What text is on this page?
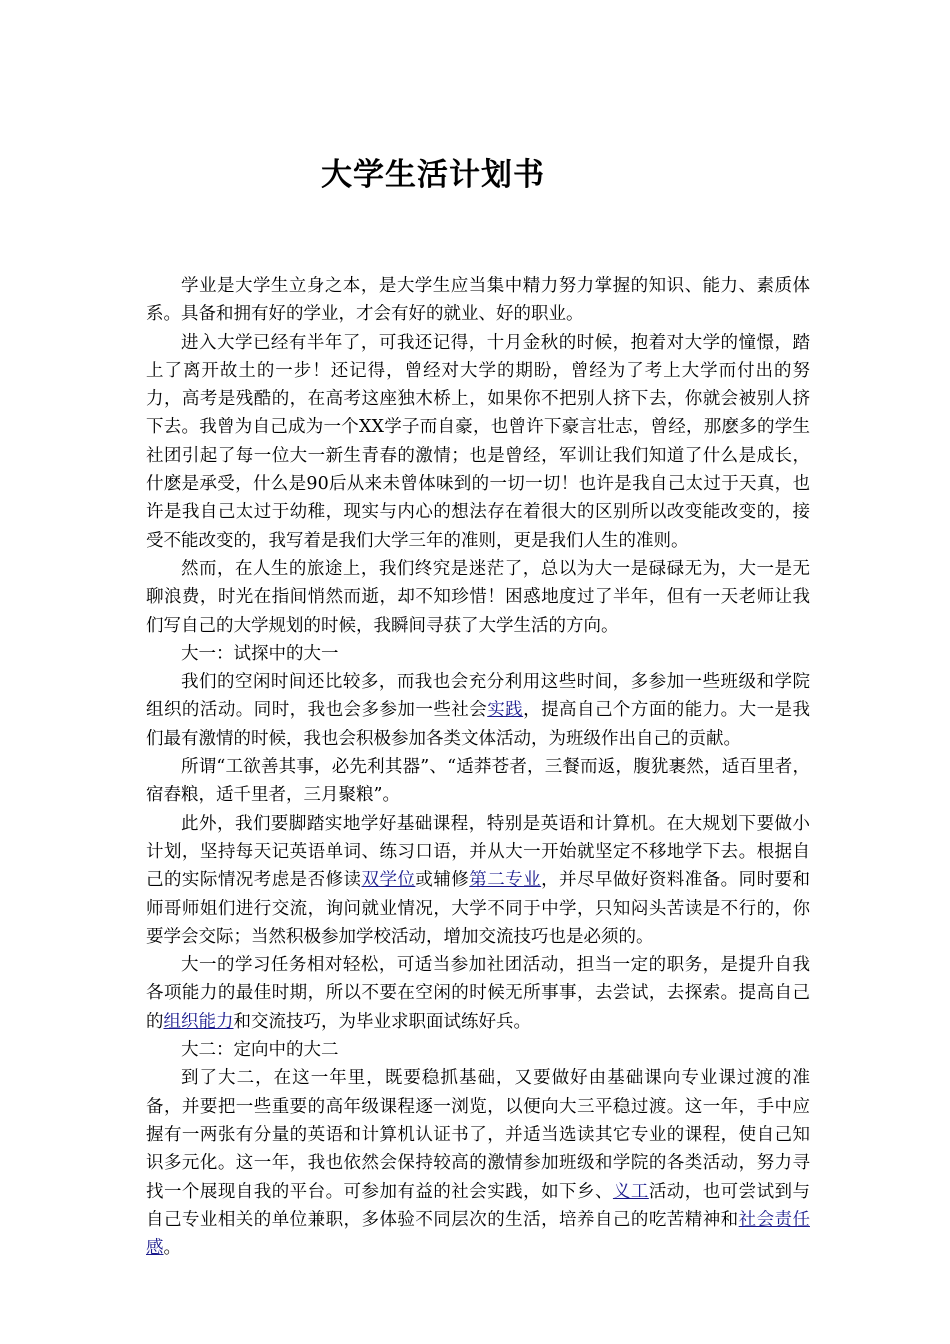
大学生活计划书

学业是大学生立身之本，是大学生应当集中精力努力掌握的知识、能力、素质体系。具备和拥有好的学业，才会有好的就业、好的职业。

进入大学已经有半年了，可我还记得，十月金秋的时候，抱着对大学的憧憬，踏上了离开故土的一步！还记得，曾经对大学的期盼，曾经为了考上大学而付出的努力，高考是残酷的，在高考这座独木桥上，如果你不把别人挤下去，你就会被别人挤下去。我曾为自己成为一个XX学子而自豪，也曾许下豪言壮志，曾经，那麽多的学生社团引起了每一位大一新生青春的激情；也是曾经，军训让我们知道了什么是成长，什麽是承受，什么是90后从来未曾体味到的一切一切！也许是我自己太过于天真，也许是我自己太过于幼稚，现实与内心的想法存在着很大的区别所以改变能改变的，接受不能改变的，我写着是我们大学三年的准则，更是我们人生的准则。

然而，在人生的旅途上，我们终究是迷茫了，总以为大一是碌碌无为，大一是无聊浪费，时光在指间悄然而逝，却不知珍惜！困惑地度过了半年，但有一天老师让我们写自己的大学规划的时候，我瞬间寻获了大学生活的方向。

大一：试探中的大一

我们的空闲时间还比较多，而我也会充分利用这些时间，多参加一些班级和学院组织的活动。同时，我也会多参加一些社会实践，提高自己个方面的能力。大一是我们最有激情的时候，我也会积极参加各类文体活动，为班级作出自己的贡献。

所谓“工欲善其事，必先利其器”、“适莽苍者，三餐而返，腹犹裹然，适百里者，宿舂粮，适千里者，三月聚粮”。

此外，我们要脚踏实地学好基础课程，特别是英语和计算机。在大规划下要做小计划，坚持每天记英语单词、练习口语，并从大一开始就坚定不移地学下去。根据自己的实际情况考虑是否修读双学位或辅修第二专业，并尽早做好资料准备。同时要和师哥师姐们进行交流，询问就业情况，大学不同于中学，只知闷头苦读是不行的，你要学会交际；当然积极参加学校活动，增加交流技巧也是必须的。

大一的学习任务相对轻松，可适当参加社团活动，担当一定的职务，是提升自我各项能力的最佳时期，所以不要在空闲的时候无所事事，去尝试，去探索。提高自己的组织能力和交流技巧，为毕业求职面试练好兵。

大二：定向中的大二

到了大二，在这一年里，既要稳抓基础，又要做好由基础课向专业课过渡的准备，并要把一些重要的高年级课程逐一浏览，以便向大三平稳过渡。这一年，手中应握有一两张有分量的英语和计算机认证书了，并适当选读其它专业的课程，使自己知识多元化。这一年，我也依然会保持较高的激情参加班级和学院的各类活动，努力寻找一个展现自我的平台。可参加有益的社会实践，如下乡、义工活动，也可尝试到与自己专业相关的单位兼职，多体验不同层次的生活，培养自己的吃苦精神和社会责任感。
